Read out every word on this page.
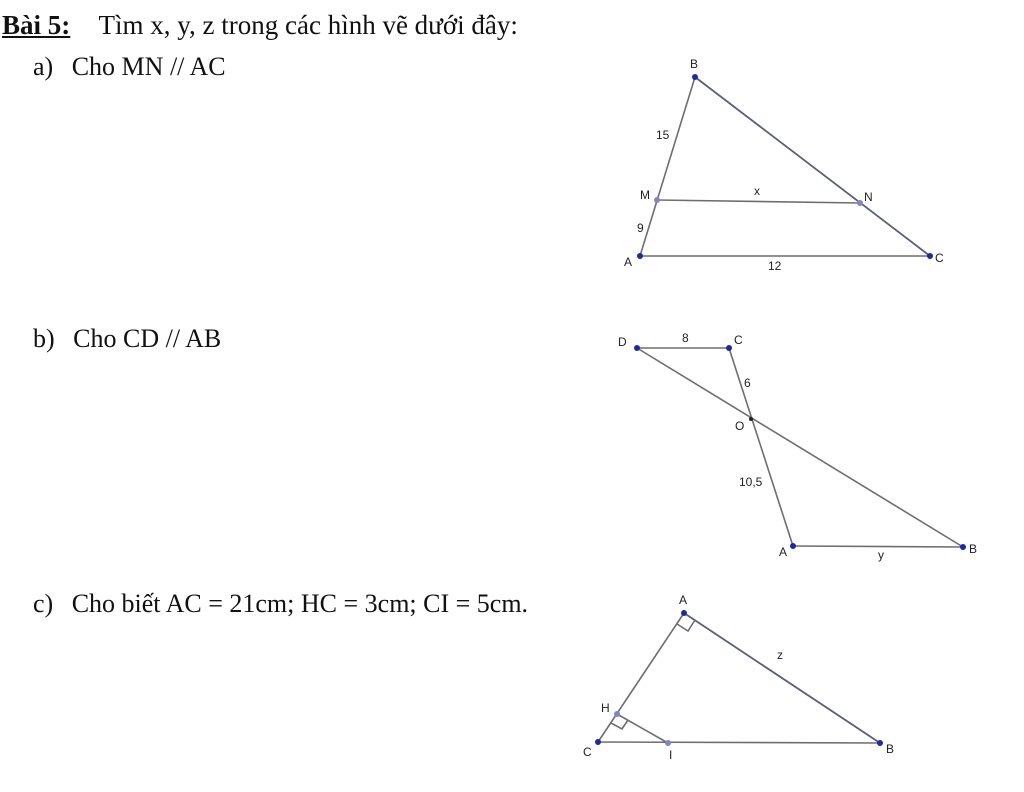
Bài 5: Tìm x, y, z trong các hình vẽ dưới đây:
a) Cho MN // AC
b) Cho CD // AB
c) Cho biết AC = 21cm; HC = 3cm; CI = 5cm.
B
M	N
A	C
15
9
x
12
D	C
O
A	B
8
6
10,5
y
A
H
C	I	B
z
